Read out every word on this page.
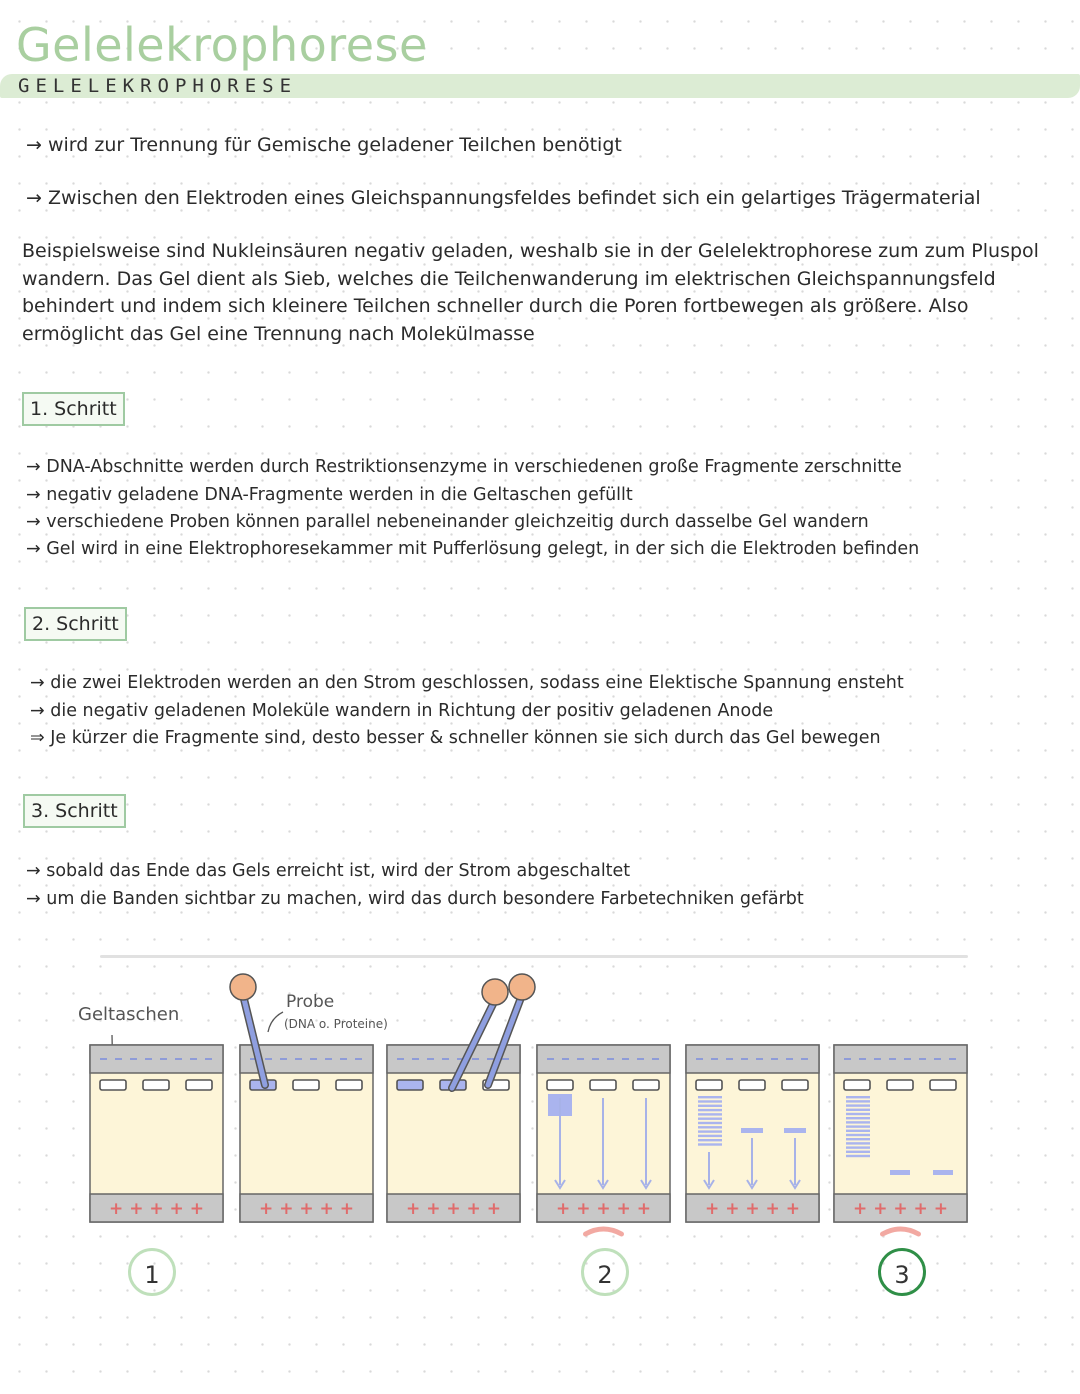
Gelelekrophorese
GELELEKROPHORESE
→ wird zur Trennung für Gemische geladener Teilchen benötigt
→ Zwischen den Elektroden eines Gleichspannungsfeldes befindet sich ein gelartiges Trägermaterial
Beispielsweise sind Nukleinsäuren negativ geladen, weshalb sie in der Gelelektrophorese zum zum Pluspol wandern. Das Gel dient als Sieb, welches die Teilchenwanderung im elektrischen Gleichspannungsfeld behindert und indem sich kleinere Teilchen schneller durch die Poren fortbewegen als größere. Also ermöglicht das Gel eine Trennung nach Molekülmasse
1. Schritt
→ DNA-Abschnitte werden durch Restriktionsenzyme in verschiedenen große Fragmente zerschnitte
→ negativ geladene DNA-Fragmente werden in die Geltaschen gefüllt
→ verschiedene Proben können parallel nebeneinander gleichzeitig durch dasselbe Gel wandern
→ Gel wird in eine Elektrophoresekammer mit Pufferlösung gelegt, in der sich die Elektroden befinden
2. Schritt
→ die zwei Elektroden werden an den Strom geschlossen, sodass eine Elektische Spannung ensteht
→ die negativ geladenen Moleküle wandern in Richtung der positiv geladenen Anode
⇒ Je kürzer die Fragmente sind, desto besser & schneller können sie sich durch das Gel bewegen
3. Schritt
→ sobald das Ende das Gels erreicht ist, wird der Strom abgeschaltet
→ um die Banden sichtbar zu machen, wird das durch besondere Farbetechniken gefärbt
Geltaschen
Probe
(DNA o. Proteine)
+ + + + +	+ + + + +	+ + + + +	+ + + + +	+ + + + +	+ + + + +
1	2	3
